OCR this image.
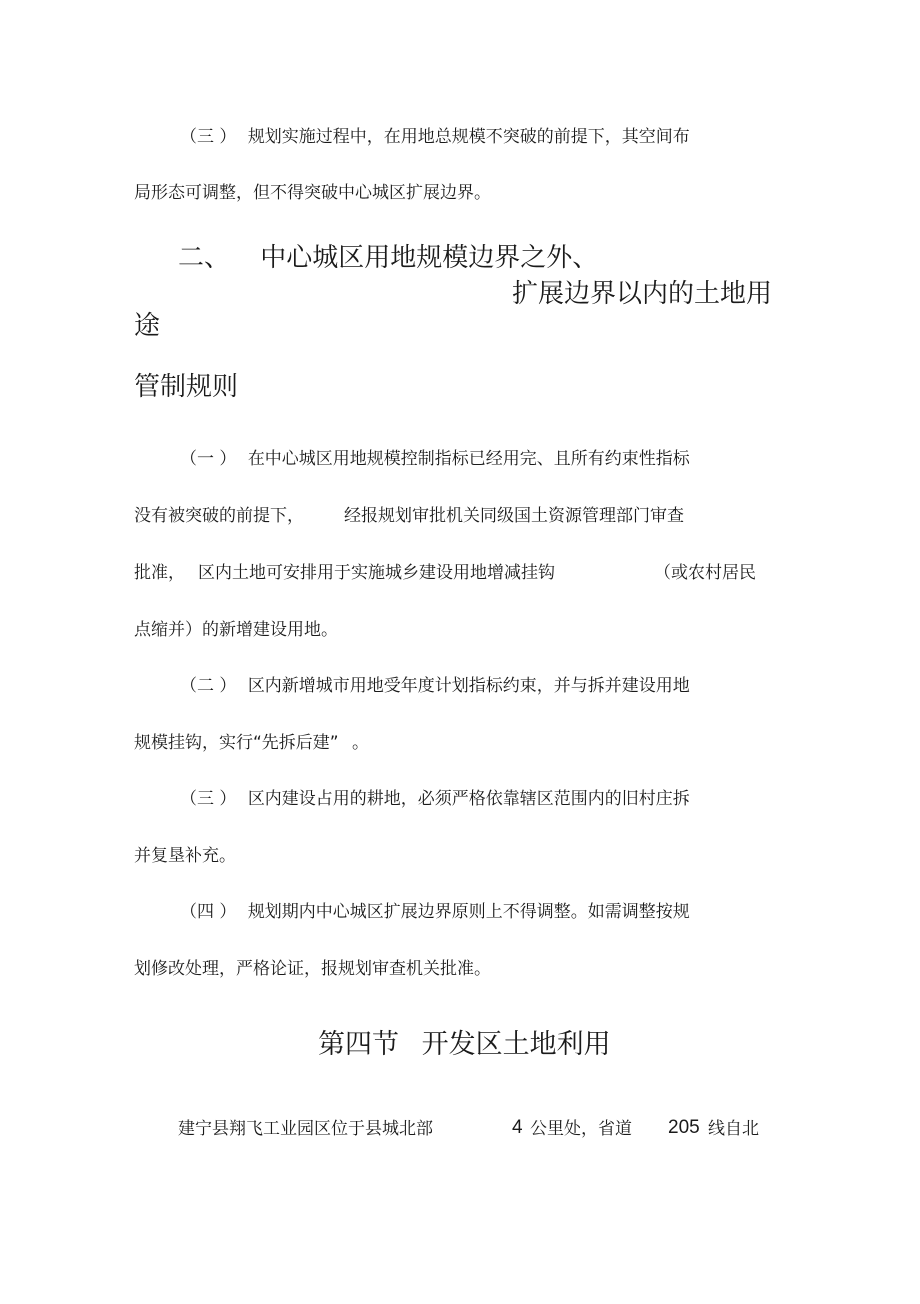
（三 ） 规划实施过程中，在用地总规模不突破的前提下，其空间布
局形态可调整，但不得突破中心城区扩展边界。
二、 中心城区用地规模边界之外、
扩展边界以内的土地用
途
管制规则
（一 ） 在中心城区用地规模控制指标已经用完、且所有约束性指标
没有被突破的前提下， 经报规划审批机关同级国土资源管理部门审查
批准， 区内土地可安排用于实施城乡建设用地增减挂钩	（或农村居民
点缩并）的新增建设用地。
（二 ） 区内新增城市用地受年度计划指标约束，并与拆并建设用地
规模挂钩，实行“先拆后建” 。
（三 ） 区内建设占用的耕地，必须严格依靠辖区范围内的旧村庄拆
并复垦补充。
（四 ） 规划期内中心城区扩展边界原则上不得调整。如需调整按规
划修改处理，严格论证，报规划审查机关批准。
第四节 开发区土地利用
建宁县翔飞工业园区位于县城北部	4 公里处，省道 205 线自北
